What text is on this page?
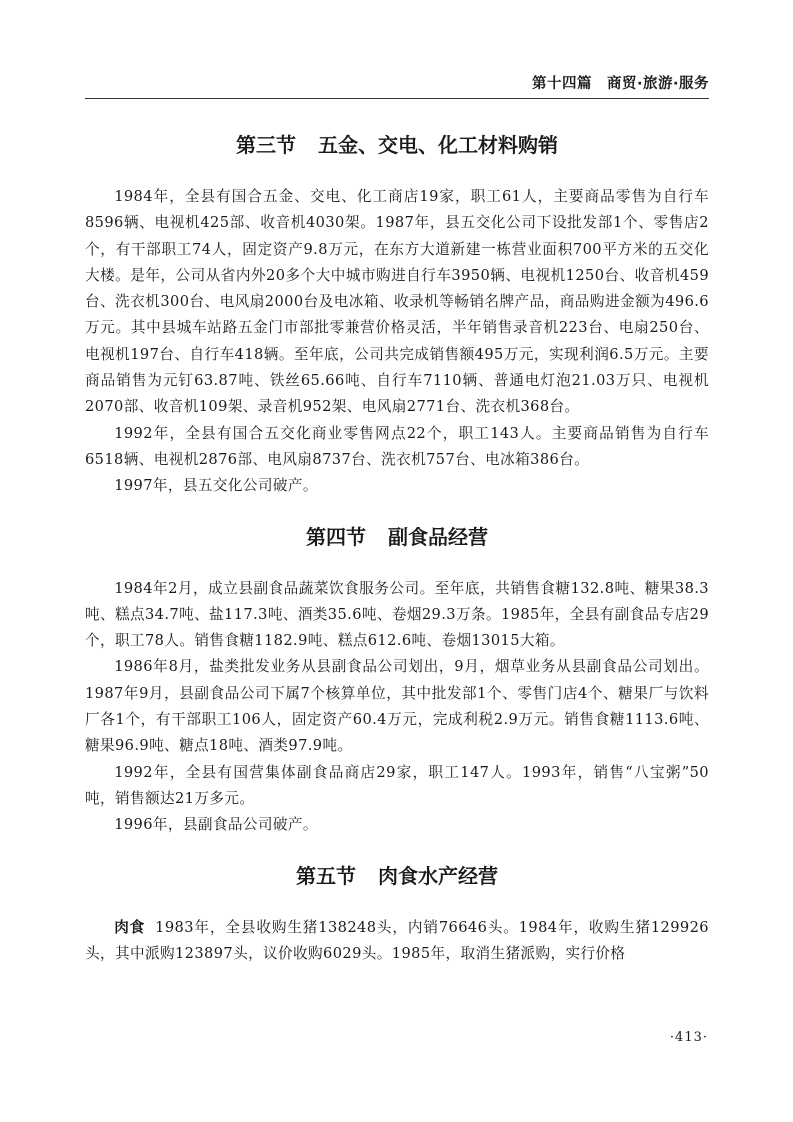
第十四篇　商贸·旅游·服务
第三节 五金、交电、化工材料购销

1984年，全县有国合五金、交电、化工商店19家，职工61人，主要商品零售为自行车8596辆、电视机425部、收音机4030架。1987年，县五交化公司下设批发部1个、零售店2个，有干部职工74人，固定资产9.8万元，在东方大道新建一栋营业面积700平方米的五交化大楼。是年，公司从省内外20多个大中城市购进自行车3950辆、电视机1250台、收音机459台、洗衣机300台、电风扇2000台及电冰箱、收录机等畅销名牌产品，商品购进金额为496.6万元。其中县城车站路五金门市部批零兼营价格灵活，半年销售录音机223台、电扇250台、电视机197台、自行车418辆。至年底，公司共完成销售额495万元，实现利润6.5万元。主要商品销售为元钉63.87吨、铁丝65.66吨、自行车7110辆、普通电灯泡21.03万只、电视机2070部、收音机109架、录音机952架、电风扇2771台、洗衣机368台。

1992年，全县有国合五交化商业零售网点22个，职工143人。主要商品销售为自行车6518辆、电视机2876部、电风扇8737台、洗衣机757台、电冰箱386台。

1997年，县五交化公司破产。

第四节 副食品经营

1984年2月，成立县副食品蔬菜饮食服务公司。至年底，共销售食糖132.8吨、糖果38.3吨、糕点34.7吨、盐117.3吨、酒类35.6吨、卷烟29.3万条。1985年，全县有副食品专店29个，职工78人。销售食糖1182.9吨、糕点612.6吨、卷烟13015大箱。

1986年8月，盐类批发业务从县副食品公司划出，9月，烟草业务从县副食品公司划出。1987年9月，县副食品公司下属7个核算单位，其中批发部1个、零售门店4个、糖果厂与饮料厂各1个，有干部职工106人，固定资产60.4万元，完成利税2.9万元。销售食糖1113.6吨、糖果96.9吨、糖点18吨、酒类97.9吨。

1992年，全县有国营集体副食品商店29家，职工147人。1993年，销售“八宝粥”50吨，销售额达21万多元。

1996年，县副食品公司破产。

第五节 肉食水产经营

肉食 1983年，全县收购生猪138248头，内销76646头。1984年，收购生猪129926头，其中派购123897头，议价收购6029头。1985年，取消生猪派购，实行价格

·413·
